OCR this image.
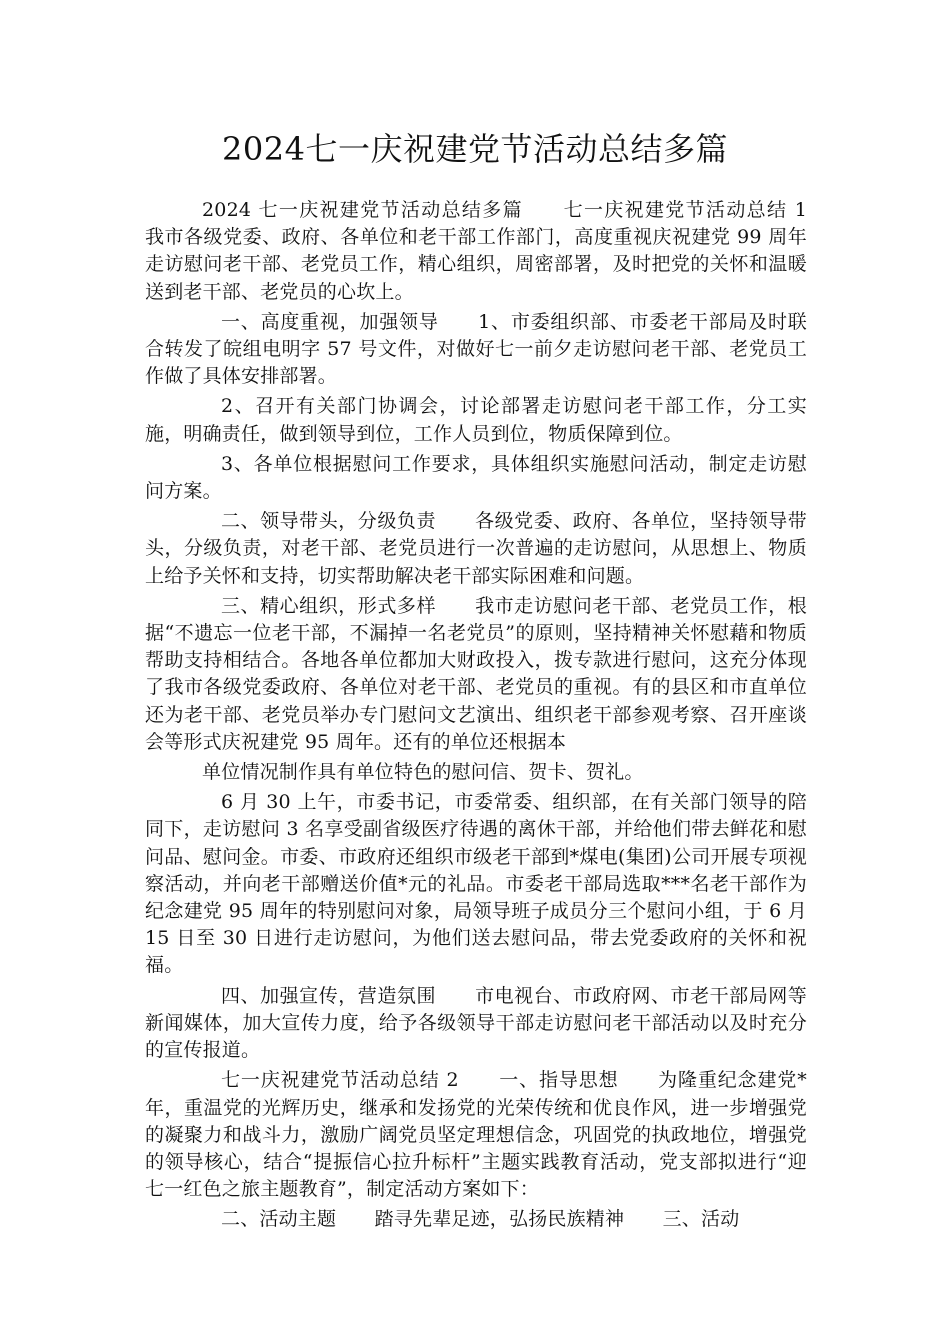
2024七一庆祝建党节活动总结多篇

2024 七一庆祝建党节活动总结多篇　　七一庆祝建党节活动总结 1　　我市各级党委、政府、各单位和老干部工作部门，高度重视庆祝建党 99 周年走访慰问老干部、老党员工作，精心组织，周密部署，及时把党的关怀和温暖送到老干部、老党员的心坎上。

一、高度重视，加强领导　　1、市委组织部、市委老干部局及时联合转发了皖组电明字 57 号文件，对做好七一前夕走访慰问老干部、老党员工作做了具体安排部署。

2、召开有关部门协调会，讨论部署走访慰问老干部工作，分工实施，明确责任，做到领导到位，工作人员到位，物质保障到位。

3、各单位根据慰问工作要求，具体组织实施慰问活动，制定走访慰问方案。

二、领导带头，分级负责　　各级党委、政府、各单位，坚持领导带头，分级负责，对老干部、老党员进行一次普遍的走访慰问，从思想上、物质上给予关怀和支持，切实帮助解决老干部实际困难和问题。

三、精心组织，形式多样　　我市走访慰问老干部、老党员工作，根据“不遗忘一位老干部，不漏掉一名老党员”的原则，坚持精神关怀慰藉和物质帮助支持相结合。各地各单位都加大财政投入，拨专款进行慰问，这充分体现了我市各级党委政府、各单位对老干部、老党员的重视。有的县区和市直单位还为老干部、老党员举办专门慰问文艺演出、组织老干部参观考察、召开座谈会等形式庆祝建党 95 周年。还有的单位还根据本

单位情况制作具有单位特色的慰问信、贺卡、贺礼。

6 月 30 上午，市委书记，市委常委、组织部，在有关部门领导的陪同下，走访慰问 3 名享受副省级医疗待遇的离休干部，并给他们带去鲜花和慰问品、慰问金。市委、市政府还组织市级老干部到*煤电(集团)公司开展专项视察活动，并向老干部赠送价值*元的礼品。市委老干部局选取***名老干部作为纪念建党 95 周年的特别慰问对象，局领导班子成员分三个慰问小组，于 6 月 15 日至 30 日进行走访慰问，为他们送去慰问品，带去党委政府的关怀和祝福。

四、加强宣传，营造氛围　　市电视台、市政府网、市老干部局网等新闻媒体，加大宣传力度，给予各级领导干部走访慰问老干部活动以及时充分的宣传报道。

七一庆祝建党节活动总结 2　　一、指导思想　　为隆重纪念建党*年，重温党的光辉历史，继承和发扬党的光荣传统和优良作风，进一步增强党的凝聚力和战斗力，激励广阔党员坚定理想信念，巩固党的执政地位，增强党的领导核心，结合“提振信心拉升标杆”主题实践教育活动，党支部拟进行“迎七一红色之旅主题教育”，制定活动方案如下：

二、活动主题　　踏寻先辈足迹，弘扬民族精神　　三、活动
